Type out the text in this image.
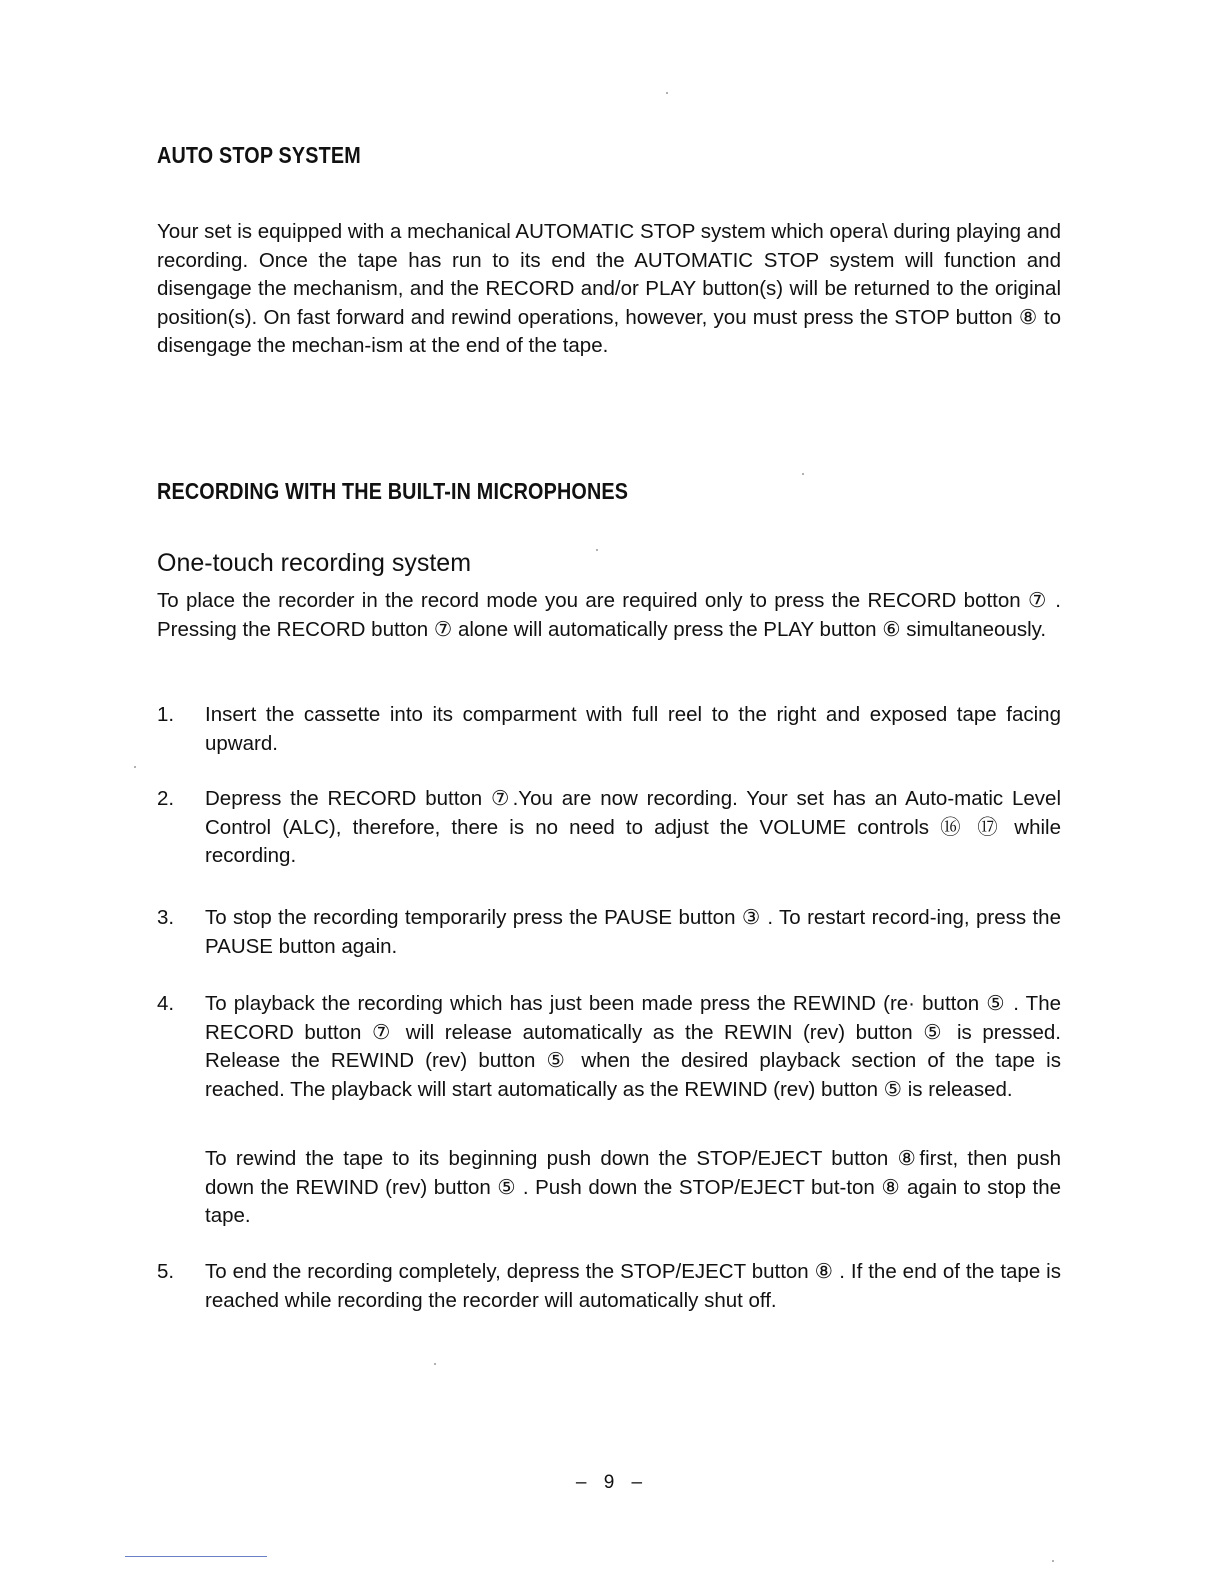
AUTO STOP SYSTEM

Your set is equipped with a mechanical AUTOMATIC STOP system which opera\ during playing and recording. Once the tape has run to its end the AUTOMATIC STOP system will function and disengage the mechanism, and the RECORD and/or PLAY button(s) will be returned to the original position(s). On fast forward and rewind operations, however, you must press the STOP button ⑧ to disengage the mechan-ism at the end of the tape.

RECORDING WITH THE BUILT-IN MICROPHONES
One-touch recording system

To place the recorder in the record mode you are required only to press the RECORD botton ⑦ . Pressing the RECORD button ⑦ alone will automatically press the PLAY button ⑥ simultaneously.

1.	Insert the cassette into its comparment with full reel to the right and exposed tape facing upward.

2.	Depress the RECORD button ⑦.You are now recording. Your set has an Auto-matic Level Control (ALC), therefore, there is no need to adjust the VOLUME controls ⑯ ⑰ while recording.

3.	To stop the recording temporarily press the PAUSE button ③ . To restart record-ing, press the PAUSE button again.

4.	To playback the recording which has just been made press the REWIND (re· button ⑤ . The RECORD button ⑦ will release automatically as the REWIN (rev) button ⑤ is pressed. Release the REWIND (rev) button ⑤ when the desired playback section of the tape is reached. The playback will start automatically as the REWIND (rev) button ⑤ is released.

To rewind the tape to its beginning push down the STOP/EJECT button ⑧first, then push down the REWIND (rev) button ⑤ . Push down the STOP/EJECT but-ton ⑧ again to stop the tape.

5.	To end the recording completely, depress the STOP/EJECT button ⑧ . If the end of the tape is reached while recording the recorder will automatically shut off.

– 9 –
